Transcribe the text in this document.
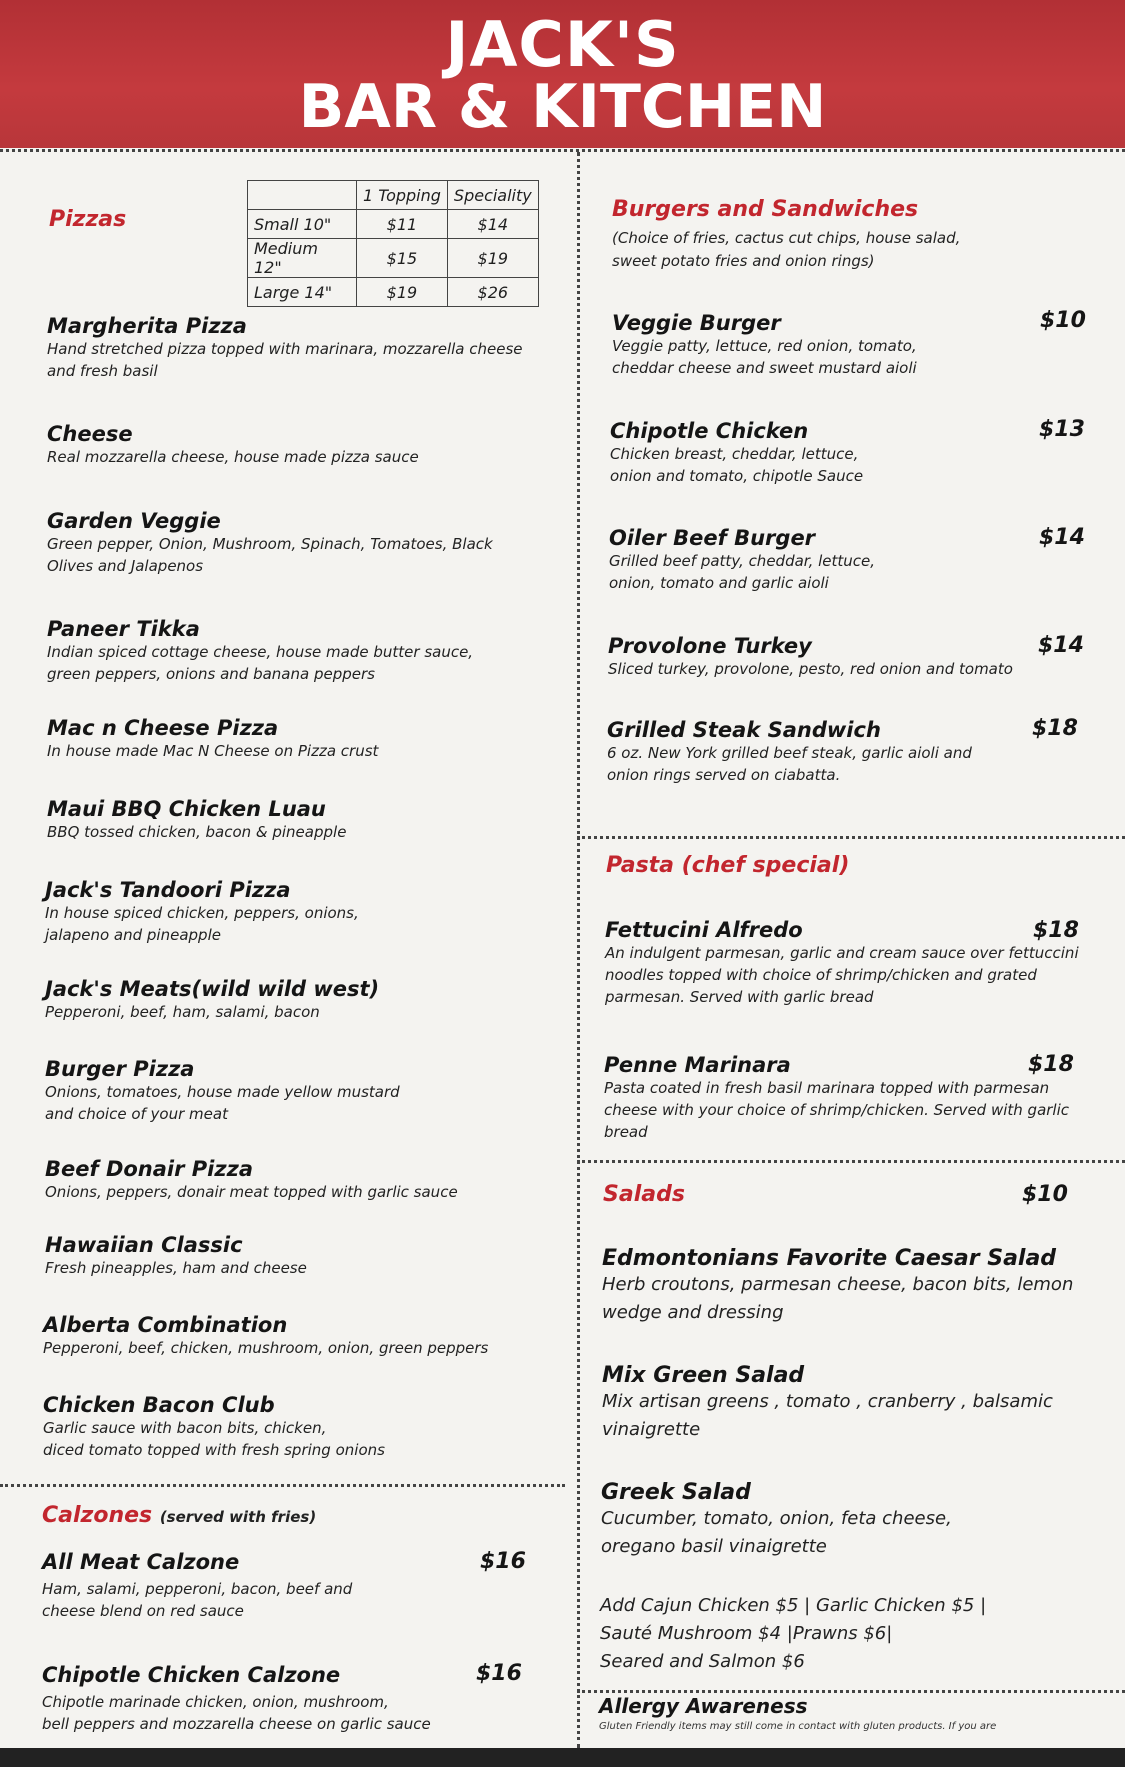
JACK'S
BAR & KITCHEN
Pizzas
	1 Topping	Speciality
Small 10"	$11	$14
Medium 12"	$15	$19
Large 14"	$19	$26
Margherita Pizza
Hand stretched pizza topped with marinara, mozzarella cheese
and fresh basil
Cheese
Real mozzarella cheese, house made pizza sauce
Garden Veggie
Green pepper, Onion, Mushroom, Spinach, Tomatoes, Black
Olives and Jalapenos
Paneer Tikka
Indian spiced cottage cheese, house made butter sauce,
green peppers, onions and banana peppers
Mac n Cheese Pizza
In house made Mac N Cheese on Pizza crust
Maui BBQ Chicken Luau
BBQ tossed chicken, bacon & pineapple
Jack's Tandoori Pizza
In house spiced chicken, peppers, onions,
jalapeno and pineapple
Jack's Meats(wild wild west)
Pepperoni, beef, ham, salami, bacon
Burger Pizza
Onions, tomatoes, house made yellow mustard
and choice of your meat
Beef Donair Pizza
Onions, peppers, donair meat topped with garlic sauce
Hawaiian Classic
Fresh pineapples, ham and cheese
Alberta Combination
Pepperoni, beef, chicken, mushroom, onion, green peppers
Chicken Bacon Club
Garlic sauce with bacon bits, chicken,
diced tomato topped with fresh spring onions
Calzones (served with fries)
All Meat Calzone
Ham, salami, pepperoni, bacon, beef and
cheese blend on red sauce
$16
Chipotle Chicken Calzone
Chipotle marinade chicken, onion, mushroom,
bell peppers and mozzarella cheese on garlic sauce
$16
Burgers and Sandwiches
(Choice of fries, cactus cut chips, house salad,
sweet potato fries and onion rings)
Veggie Burger
Veggie patty, lettuce, red onion, tomato,
cheddar cheese and sweet mustard aioli
$10
Chipotle Chicken
Chicken breast, cheddar, lettuce,
onion and tomato, chipotle Sauce
$13
Oiler Beef Burger
Grilled beef patty, cheddar, lettuce,
onion, tomato and garlic aioli
$14
Provolone Turkey
Sliced turkey, provolone, pesto, red onion and tomato
$14
Grilled Steak Sandwich
6 oz. New York grilled beef steak, garlic aioli and
onion rings served on ciabatta.
$18
Pasta (chef special)
Fettucini Alfredo
An indulgent parmesan, garlic and cream sauce over fettuccini
noodles topped with choice of shrimp/chicken and grated
parmesan. Served with garlic bread
$18
Penne Marinara
Pasta coated in fresh basil marinara topped with parmesan
cheese with your choice of shrimp/chicken. Served with garlic
bread
$18
Salads	$10
Edmontonians Favorite Caesar Salad
Herb croutons, parmesan cheese, bacon bits, lemon
wedge and dressing
Mix Green Salad
Mix artisan greens , tomato , cranberry , balsamic
vinaigrette
Greek Salad
Cucumber, tomato, onion, feta cheese,
oregano basil vinaigrette
Add Cajun Chicken $5 | Garlic Chicken $5 |
Sauté Mushroom $4 |Prawns $6|
Seared and Salmon $6
Allergy Awareness
Gluten Friendly items may still come in contact with gluten products. If you are
